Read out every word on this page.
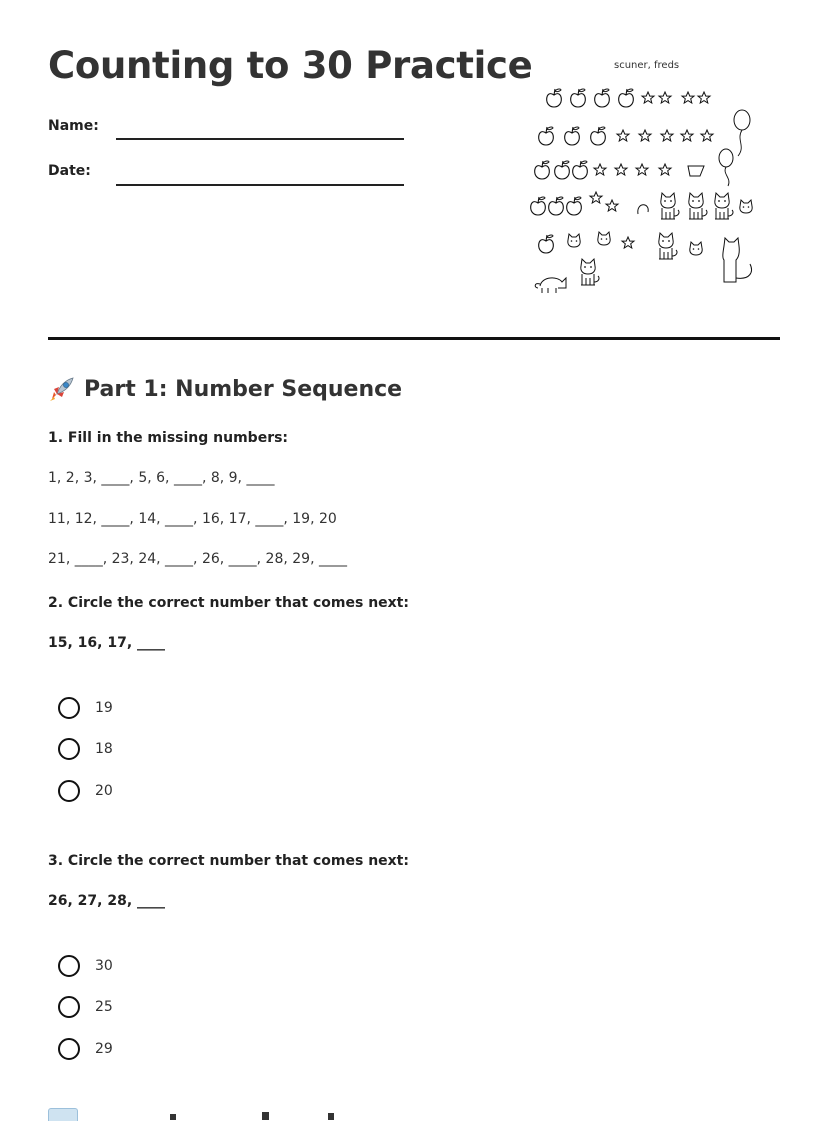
Counting to 30 Practice
Name:
Date:
scuner, freds
Part 1: Number Sequence
1. Fill in the missing numbers:
1, 2, 3, ____, 5, 6, ____, 8, 9, ____
11, 12, ____, 14, ____, 16, 17, ____, 19, 20
21, ____, 23, 24, ____, 26, ____, 28, 29, ____
2. Circle the correct number that comes next:
15, 16, 17, ____
19
18
20
3. Circle the correct number that comes next:
26, 27, 28, ____
30
25
29
